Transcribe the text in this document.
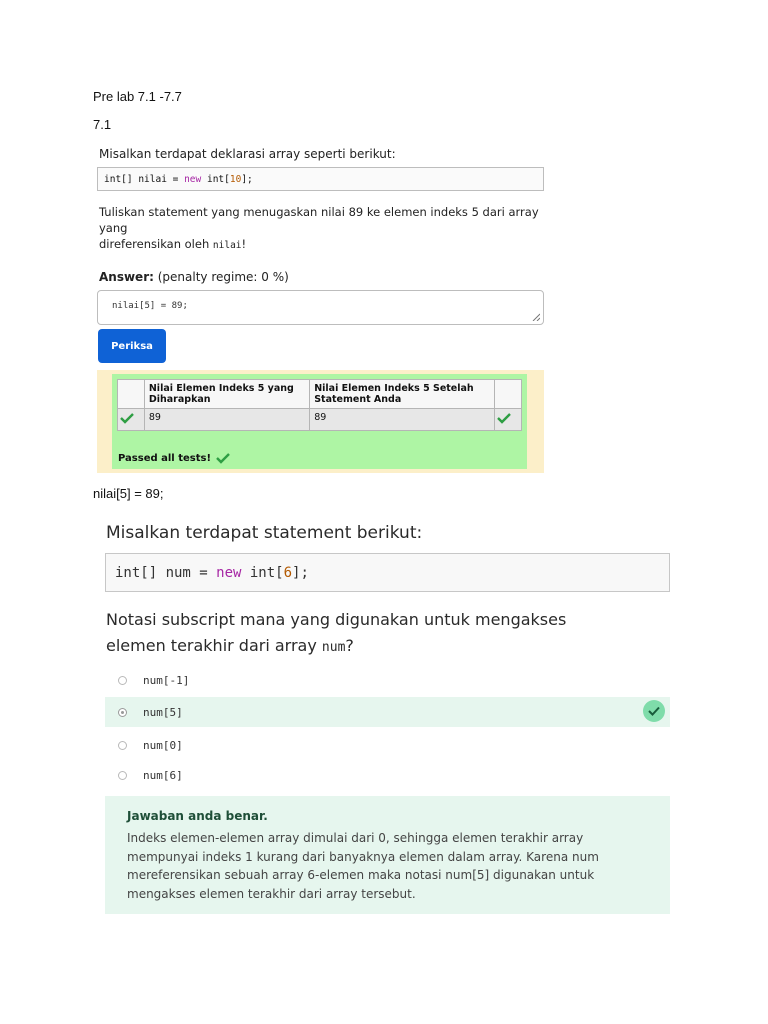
Pre lab 7.1 -7.7
7.1
Misalkan terdapat deklarasi array seperti berikut:
int[] nilai = new int[10];
Tuliskan statement yang menugaskan nilai 89 ke elemen indeks 5 dari array yang
direferensikan oleh nilai!
Answer: (penalty regime: 0 %)
nilai[5] = 89;
Periksa
	Nilai Elemen Indeks 5 yang Diharapkan	Nilai Elemen Indeks 5 Setelah Statement Anda	
	89	89	
Passed all tests!
nilai[5] = 89;
Misalkan terdapat statement berikut:
int[] num = new int[6];
Notasi subscript mana yang digunakan untuk mengakses
elemen terakhir dari array num?
num[-1]
num[5]
num[0]
num[6]
Jawaban anda benar.
Indeks elemen-elemen array dimulai dari 0, sehingga elemen terakhir array
mempunyai indeks 1 kurang dari banyaknya elemen dalam array. Karena num
mereferensikan sebuah array 6-elemen maka notasi num[5] digunakan untuk
mengakses elemen terakhir dari array tersebut.
